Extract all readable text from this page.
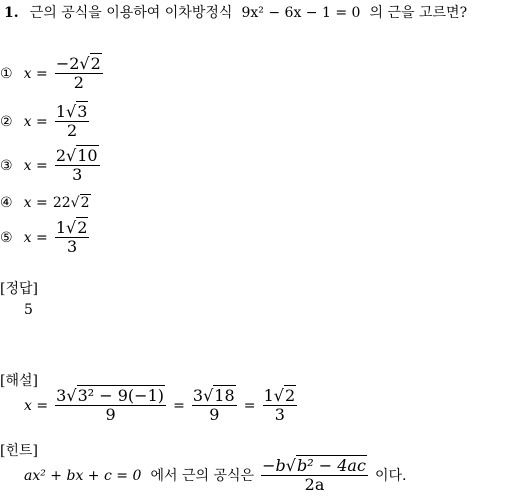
1. 근의 공식을 이용하여 이차방정식 9x² − 6x − 1 = 0 의 근을 고르면?
① $x = \frac{-2√2}{2}$
② $x = \frac{1√3}{2}$
③ $x = \frac{2√10}{3}$
④ x = 22√2
⑤ $x = \frac{1√2}{3}$
[정답]
5
[해설]
$x = \frac{\text{3√3² − 9(−1)}}{9} = \frac{3√18}{9} = \frac{1√2}{3}$
[힌트]
ax² + bx + c = 0 에서 근의 공식은 $\frac{\text{−b√b² − 4ac}}{2a}$ 이다.
